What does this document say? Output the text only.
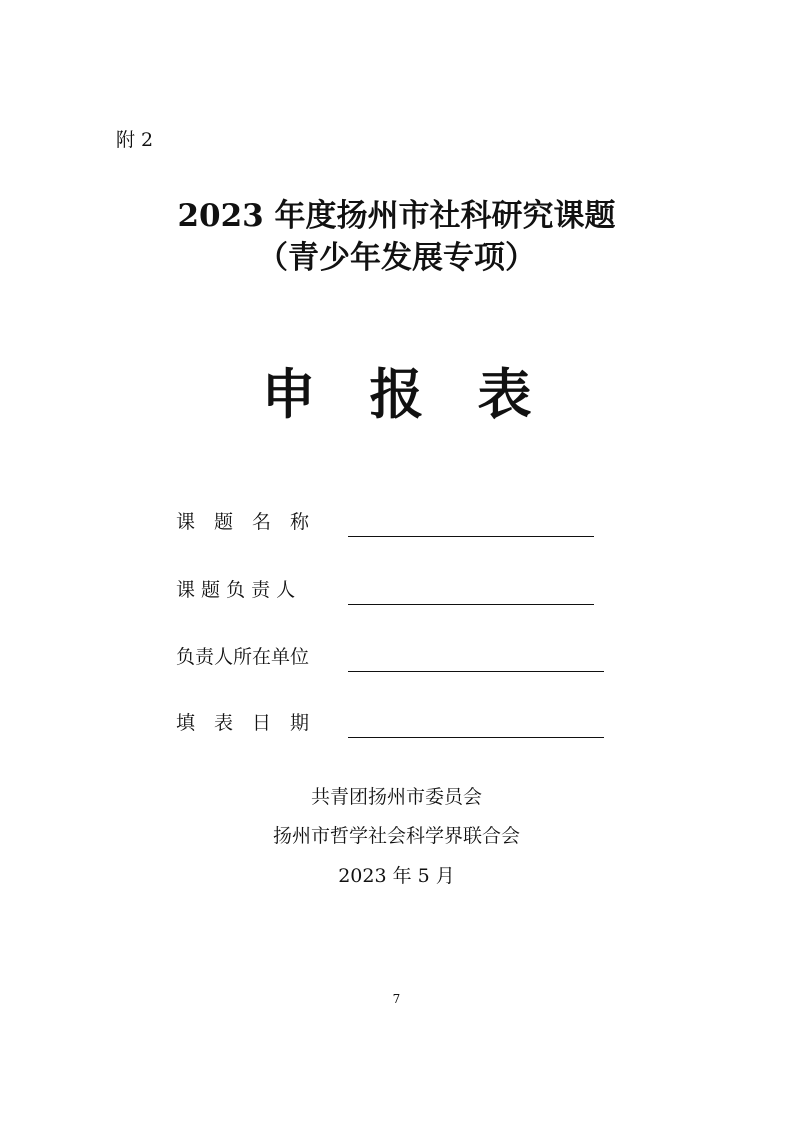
附 2
2023 年度扬州市社科研究课题
（青少年发展专项）
申　报　表
课　题　名　称
课 题 负 责 人
负责人所在单位
填　表　日　期
共青团扬州市委员会
扬州市哲学社会科学界联合会
2023 年 5 月
7
